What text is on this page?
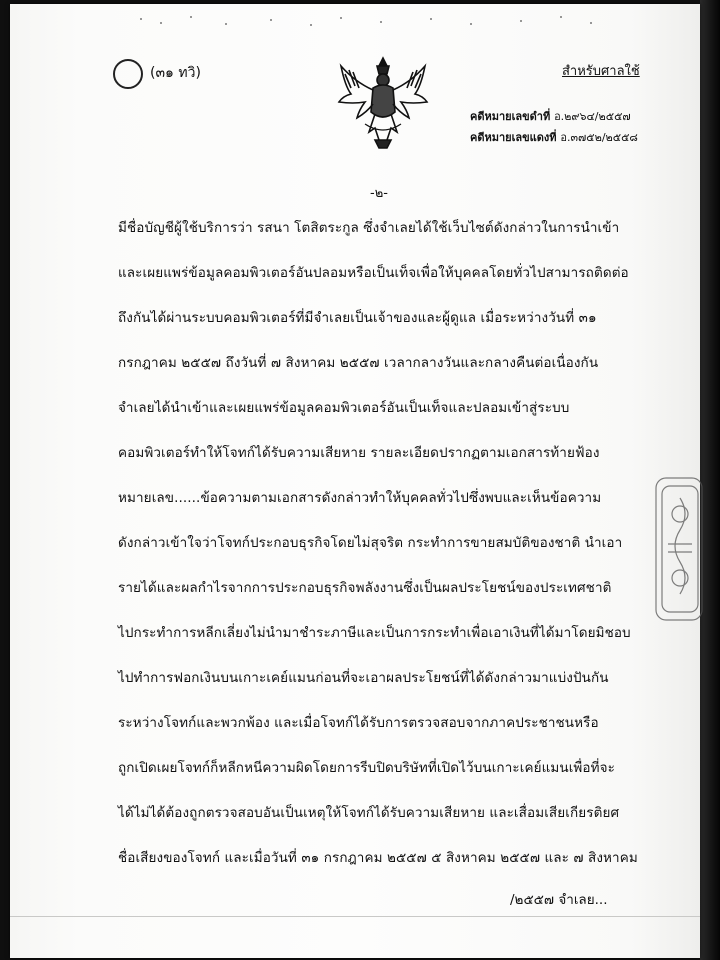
(๓๑ ทวิ)	สำหรับศาลใช้
คดีหมายเลขดำที่ อ.๒๙๖๔/๒๕๕๗
คดีหมายเลขแดงที่ อ.๓๗๕๒/๒๕๕๘
-๒-
มีชื่อบัญชีผู้ใช้บริการว่า รสนา โตสิตระกูล ซึ่งจำเลยได้ใช้เว็บไซต์ดังกล่าวในการนำเข้า
และเผยแพร่ข้อมูลคอมพิวเตอร์อันปลอมหรือเป็นเท็จเพื่อให้บุคคลโดยทั่วไปสามารถติดต่อ
ถึงกันได้ผ่านระบบคอมพิวเตอร์ที่มีจำเลยเป็นเจ้าของและผู้ดูแล เมื่อระหว่างวันที่ ๓๑
กรกฎาคม ๒๕๕๗ ถึงวันที่ ๗ สิงหาคม ๒๕๕๗ เวลากลางวันและกลางคืนต่อเนื่องกัน
จำเลยได้นำเข้าและเผยแพร่ข้อมูลคอมพิวเตอร์อันเป็นเท็จและปลอมเข้าสู่ระบบ
คอมพิวเตอร์ทำให้โจทก์ได้รับความเสียหาย รายละเอียดปรากฏตามเอกสารท้ายฟ้อง
หมายเลข......ข้อความตามเอกสารดังกล่าวทำให้บุคคลทั่วไปซึ่งพบและเห็นข้อความ
ดังกล่าวเข้าใจว่าโจทก์ประกอบธุรกิจโดยไม่สุจริต กระทำการขายสมบัติของชาติ นำเอา
รายได้และผลกำไรจากการประกอบธุรกิจพลังงานซึ่งเป็นผลประโยชน์ของประเทศชาติ
ไปกระทำการหลีกเลี่ยงไม่นำมาชำระภาษีและเป็นการกระทำเพื่อเอาเงินที่ได้มาโดยมิชอบ
ไปทำการฟอกเงินบนเกาะเคย์แมนก่อนที่จะเอาผลประโยชน์ที่ได้ดังกล่าวมาแบ่งปันกัน
ระหว่างโจทก์และพวกพ้อง และเมื่อโจทก์ได้รับการตรวจสอบจากภาคประชาชนหรือ
ถูกเปิดเผยโจทก์ก็หลีกหนีความผิดโดยการรีบปิดบริษัทที่เปิดไว้บนเกาะเคย์แมนเพื่อที่จะ
ได้ไม่ได้ต้องถูกตรวจสอบอันเป็นเหตุให้โจทก์ได้รับความเสียหาย และเสื่อมเสียเกียรติยศ
ชื่อเสียงของโจทก์ และเมื่อวันที่ ๓๑ กรกฎาคม ๒๕๕๗ ๕ สิงหาคม ๒๕๕๗ และ ๗ สิงหาคม
/๒๕๕๗ จำเลย...
